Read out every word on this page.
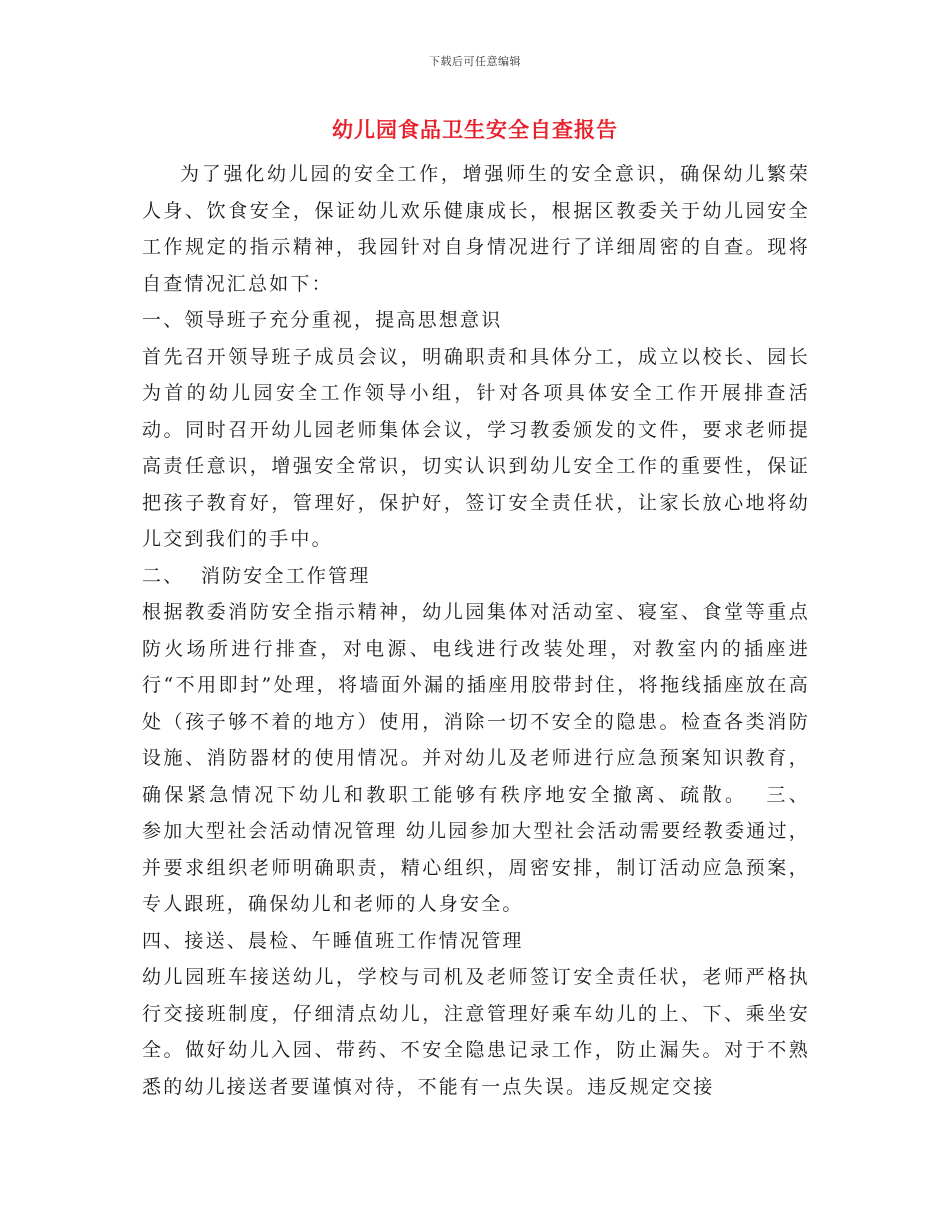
下载后可任意编辑
幼儿园食品卫生安全自查报告

为了强化幼儿园的安全工作，增强师生的安全意识，确保幼儿繁荣人身、饮食安全，保证幼儿欢乐健康成长，根据区教委关于幼儿园安全工作规定的指示精神，我园针对自身情况进行了详细周密的自查。现将自查情况汇总如下：

一、领导班子充分重视，提高思想意识

首先召开领导班子成员会议，明确职责和具体分工，成立以校长、园长为首的幼儿园安全工作领导小组，针对各项具体安全工作开展排查活动。同时召开幼儿园老师集体会议，学习教委颁发的文件，要求老师提高责任意识，增强安全常识，切实认识到幼儿安全工作的重要性，保证把孩子教育好，管理好，保护好，签订安全责任状，让家长放心地将幼儿交到我们的手中。

二、  消防安全工作管理

根据教委消防安全指示精神，幼儿园集体对活动室、寝室、食堂等重点防火场所进行排查，对电源、电线进行改装处理，对教室内的插座进行“不用即封”处理，将墙面外漏的插座用胶带封住，将拖线插座放在高处（孩子够不着的地方）使用，消除一切不安全的隐患。检查各类消防设施、消防器材的使用情况。并对幼儿及老师进行应急预案知识教育，确保紧急情况下幼儿和教职工能够有秩序地安全撤离、疏散。  三、  参加大型社会活动情况管理 幼儿园参加大型社会活动需要经教委通过，并要求组织老师明确职责，精心组织，周密安排，制订活动应急预案，专人跟班，确保幼儿和老师的人身安全。

四、接送、晨检、午睡值班工作情况管理

幼儿园班车接送幼儿，学校与司机及老师签订安全责任状，老师严格执行交接班制度，仔细清点幼儿，注意管理好乘车幼儿的上、下、乘坐安全。做好幼儿入园、带药、不安全隐患记录工作，防止漏失。对于不熟悉的幼儿接送者要谨慎对待，不能有一点失误。违反规定交接
